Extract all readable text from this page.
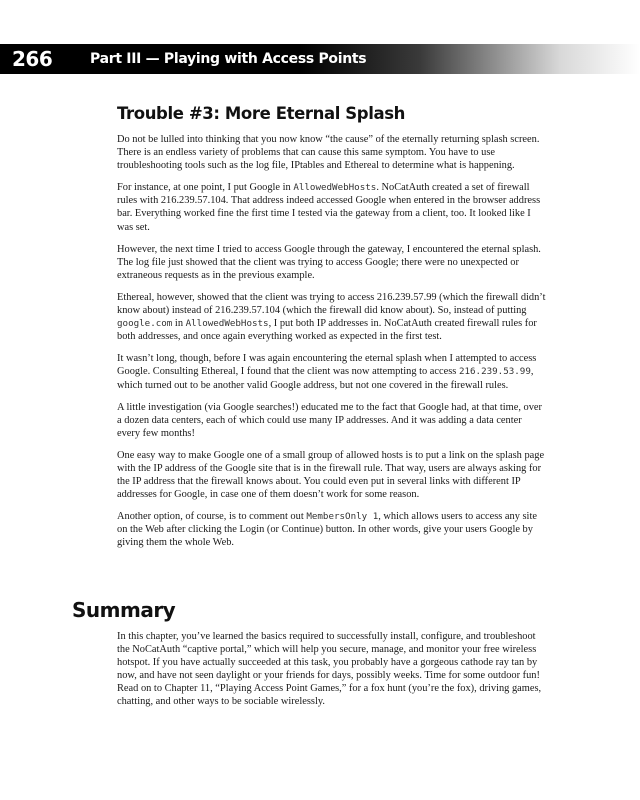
266	Part III — Playing with Access Points
Trouble #3: More Eternal Splash

Do not be lulled into thinking that you now know “the cause” of the eternally returning splash screen. There is an endless variety of problems that can cause this same symptom. You have to use troubleshooting tools such as the log file, IPtables and Ethereal to determine what is happening.

For instance, at one point, I put Google in AllowedWebHosts. NoCatAuth created a set of firewall rules with 216.239.57.104. That address indeed accessed Google when entered in the browser address bar. Everything worked fine the first time I tested via the gateway from a client, too. It looked like I was set.

However, the next time I tried to access Google through the gateway, I encountered the eternal splash. The log file just showed that the client was trying to access Google; there were no unexpected or extraneous requests as in the previous example.

Ethereal, however, showed that the client was trying to access 216.239.57.99 (which the firewall didn’t know about) instead of 216.239.57.104 (which the firewall did know about). So, instead of putting google.com in AllowedWebHosts, I put both IP addresses in. NoCatAuth created firewall rules for both addresses, and once again everything worked as expected in the first test.

It wasn’t long, though, before I was again encountering the eternal splash when I attempted to access Google. Consulting Ethereal, I found that the client was now attempting to access 216.239.53.99, which turned out to be another valid Google address, but not one covered in the firewall rules.

A little investigation (via Google searches!) educated me to the fact that Google had, at that time, over a dozen data centers, each of which could use many IP addresses. And it was adding a data center every few months!

One easy way to make Google one of a small group of allowed hosts is to put a link on the splash page with the IP address of the Google site that is in the firewall rule. That way, users are always asking for the IP address that the firewall knows about. You could even put in several links with different IP addresses for Google, in case one of them doesn’t work for some reason.

Another option, of course, is to comment out MembersOnly 1, which allows users to access any site on the Web after clicking the Login (or Continue) button. In other words, give your users Google by giving them the whole Web.

Summary

In this chapter, you’ve learned the basics required to successfully install, configure, and troubleshoot the NoCatAuth “captive portal,” which will help you secure, manage, and monitor your free wireless hotspot. If you have actually succeeded at this task, you probably have a gorgeous cathode ray tan by now, and have not seen daylight or your friends for days, possibly weeks. Time for some outdoor fun! Read on to Chapter 11, “Playing Access Point Games,” for a fox hunt (you’re the fox), driving games, chatting, and other ways to be sociable wirelessly.
